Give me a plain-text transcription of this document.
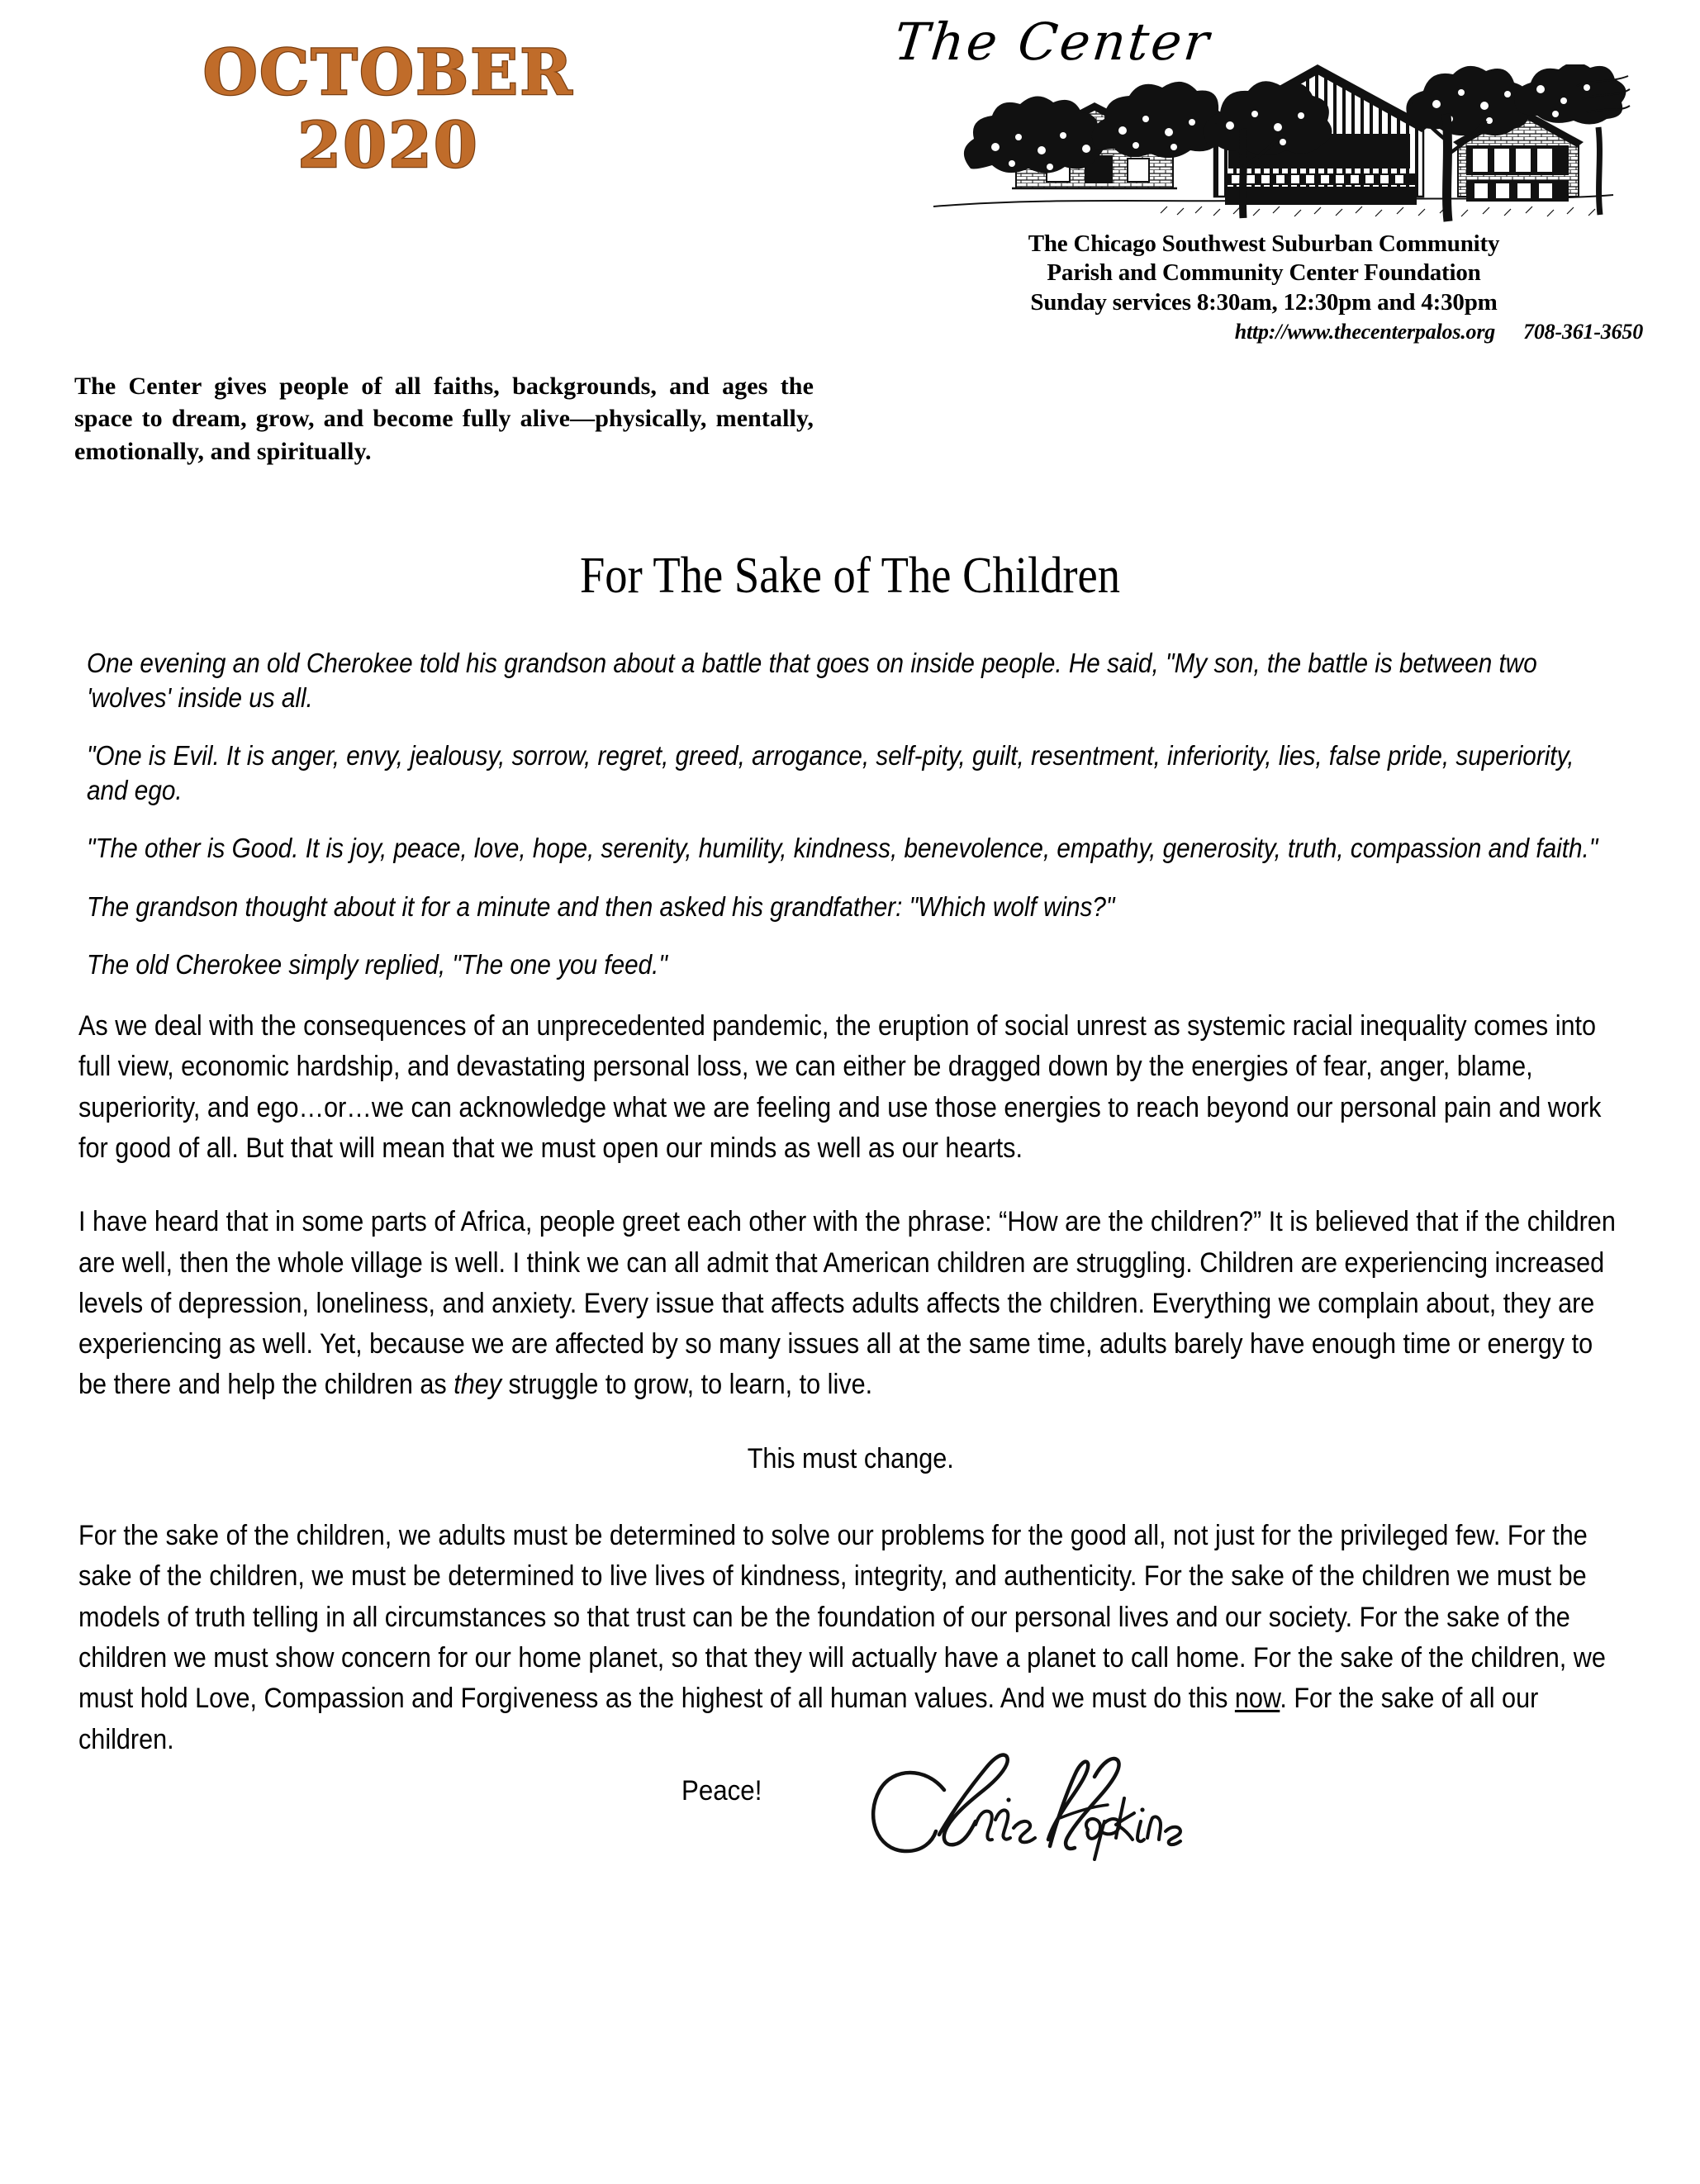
OCTOBER
2020
The Center
The Chicago Southwest Suburban Community
Parish and Community Center Foundation
Sunday services 8:30am, 12:30pm and 4:30pm
http://www.thecenterpalos.org 708-361-3650
The Center gives people of all faiths, backgrounds, and ages the space to dream, grow, and become fully alive—physically, mentally, emotionally, and spiritually.
For The Sake of The Children

One evening an old Cherokee told his grandson about a battle that goes on inside people. He said, "My son, the battle is between two 'wolves' inside us all.

"One is Evil. It is anger, envy, jealousy, sorrow, regret, greed, arrogance, self-pity, guilt, resentment, inferiority, lies, false pride, superiority, and ego.

"The other is Good. It is joy, peace, love, hope, serenity, humility, kindness, benevolence, empathy, generosity, truth, compassion and faith."

The grandson thought about it for a minute and then asked his grandfather: "Which wolf wins?"

The old Cherokee simply replied, "The one you feed."

As we deal with the consequences of an unprecedented pandemic, the eruption of social unrest as systemic racial inequality comes into full view, economic hardship, and devastating personal loss, we can either be dragged down by the energies of fear, anger, blame, superiority, and ego…or…we can acknowledge what we are feeling and use those energies to reach beyond our personal pain and work for good of all. But that will mean that we must open our minds as well as our hearts.

I have heard that in some parts of Africa, people greet each other with the phrase: “How are the children?” It is believed that if the children are well, then the whole village is well. I think we can all admit that American children are struggling. Children are experiencing increased levels of depression, loneliness, and anxiety. Every issue that affects adults affects the children. Everything we complain about, they are experiencing as well. Yet, because we are affected by so many issues all at the same time, adults barely have enough time or energy to be there and help the children as they struggle to grow, to learn, to live.

This must change.

For the sake of the children, we adults must be determined to solve our problems for the good all, not just for the privileged few. For the sake of the children, we must be determined to live lives of kindness, integrity, and authenticity. For the sake of the children we must be models of truth telling in all circumstances so that trust can be the foundation of our personal lives and our society. For the sake of the children we must show concern for our home planet, so that they will actually have a planet to call home. For the sake of the children, we must hold Love, Compassion and Forgiveness as the highest of all human values. And we must do this now. For the sake of all our children.

Peace!
